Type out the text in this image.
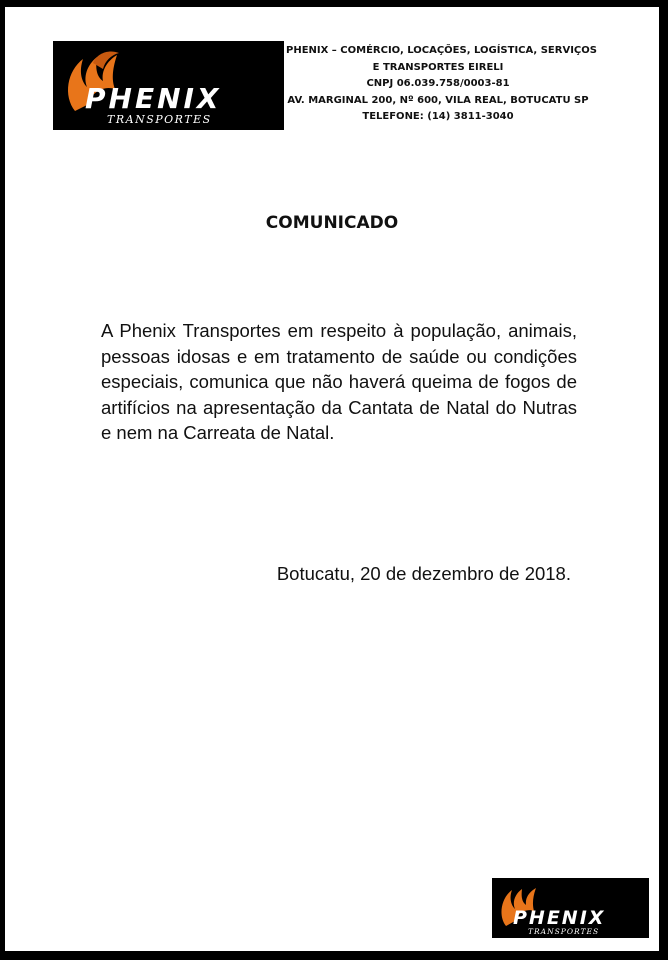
PHENIX
TRANSPORTES
PHENIX – COMÉRCIO, LOCAÇÕES, LOGÍSTICA, SERVIÇOS
E TRANSPORTES EIRELI
CNPJ 06.039.758/0003-81
AV. MARGINAL 200, Nº 600, VILA REAL, BOTUCATU SP
TELEFONE: (14) 3811-3040
COMUNICADO
A Phenix Transportes em respeito à população, animais, pessoas idosas e em tratamento de saúde ou condições especiais, comunica que não haverá queima de fogos de artifícios na apresentação da Cantata de Natal do Nutras e nem na Carreata de Natal.
Botucatu, 20 de dezembro de 2018.
PHENIX
TRANSPORTES
